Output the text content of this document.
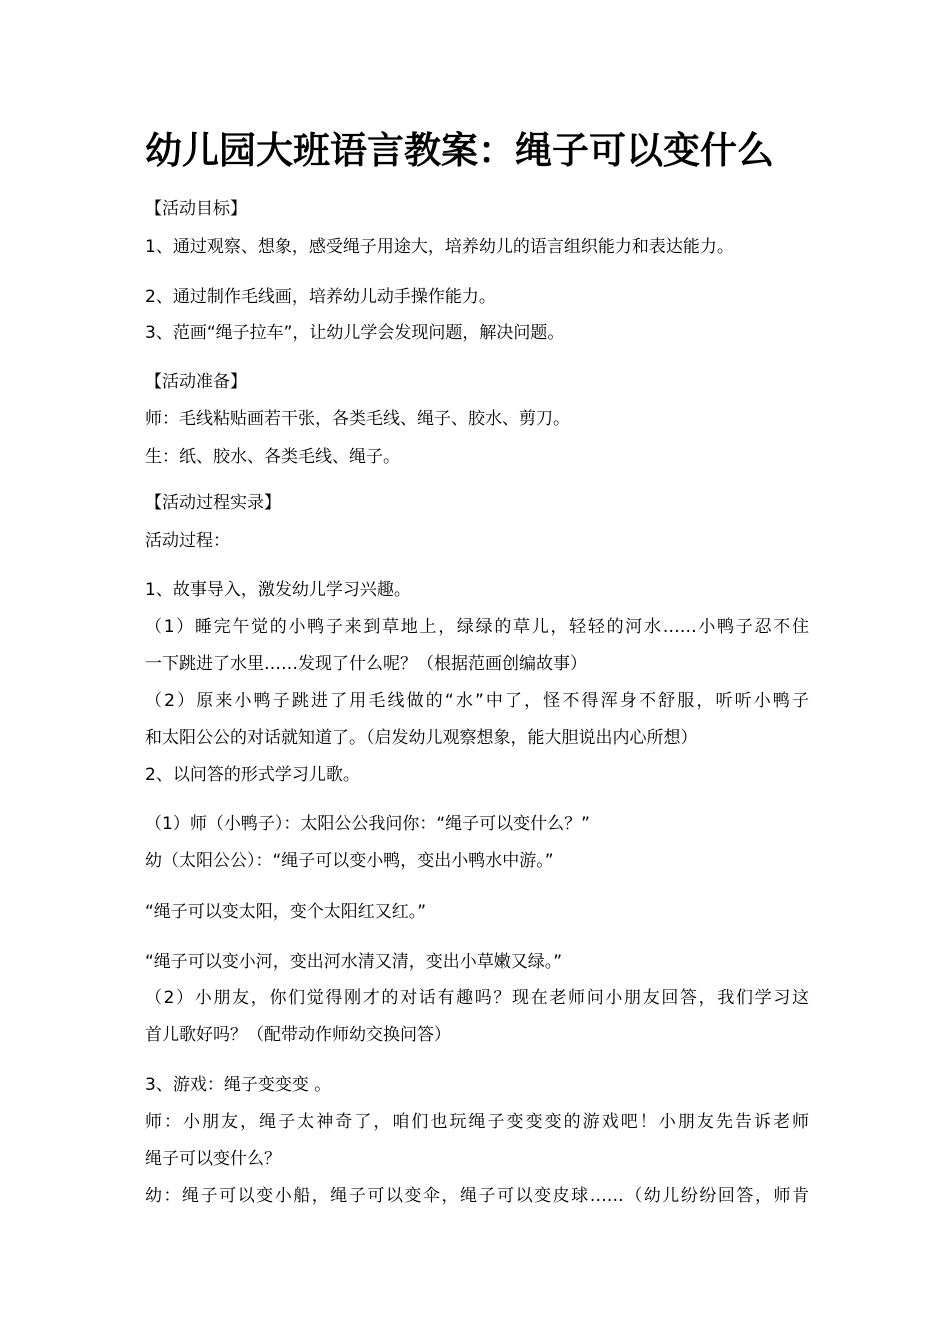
幼儿园大班语言教案：绳子可以变什么
【活动目标】
1、通过观察、想象，感受绳子用途大，培养幼儿的语言组织能力和表达能力。
2、通过制作毛线画，培养幼儿动手操作能力。
3、范画“绳子拉车”，让幼儿学会发现问题，解决问题。
【活动准备】
师：毛线粘贴画若干张，各类毛线、绳子、胶水、剪刀。
生：纸、胶水、各类毛线、绳子。
【活动过程实录】
活动过程：
1、故事导入，激发幼儿学习兴趣。
（1）睡完午觉的小鸭子来到草地上，绿绿的草儿，轻轻的河水……小鸭子忍不住
一下跳进了水里……发现了什么呢？（根据范画创编故事）
（2）原来小鸭子跳进了用毛线做的“水”中了，怪不得浑身不舒服，听听小鸭子
和太阳公公的对话就知道了。（启发幼儿观察想象，能大胆说出内心所想）
2、以问答的形式学习儿歌。
（1）师（小鸭子）：太阳公公我问你：“绳子可以变什么？”
幼（太阳公公）：“绳子可以变小鸭，变出小鸭水中游。”
“绳子可以变太阳，变个太阳红又红。”
“绳子可以变小河，变出河水清又清，变出小草嫩又绿。”
（2）小朋友，你们觉得刚才的对话有趣吗？现在老师问小朋友回答，我们学习这
首儿歌好吗？（配带动作师幼交换问答）
3、游戏：绳子变变变 。
师：小朋友，绳子太神奇了，咱们也玩绳子变变变的游戏吧！小朋友先告诉老师
绳子可以变什么？
幼：绳子可以变小船，绳子可以变伞，绳子可以变皮球……（幼儿纷纷回答，师肯
